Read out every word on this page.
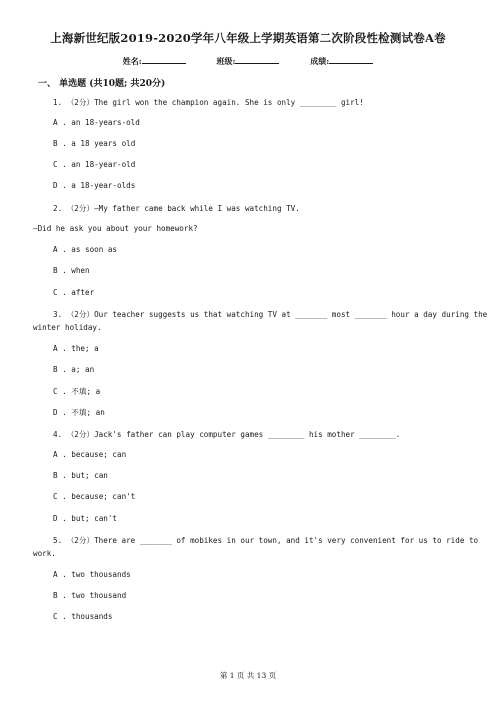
上海新世纪版2019-2020学年八年级上学期英语第二次阶段性检测试卷A卷
姓名:	班级:	成绩:
一、 单选题 (共10题; 共20分)
1. （2分）The girl won the champion again. She is only ________ girl!
A . an 18-years-old
B . a 18 years old
C . an 18-year-old
D . a 18-year-olds
2. （2分）—My father came back while I was watching TV.
—Did he ask you about your homework?
A . as soon as
B . when
C . after
3. （2分）Our teacher suggests us that watching TV at _______ most _______ hour a day during the
winter holiday.
A . the; a
B . a; an
C . 不填; a
D . 不填; an
4. （2分）Jack's father can play computer games ________ his mother ________.
A . because; can
B . but; can
C . because; can't
D . but; can't
5. （2分）There are _______ of mobikes in our town, and it's very convenient for us to ride to
work.
A . two thousands
B . two thousand
C . thousands
第 1 页 共 13 页
